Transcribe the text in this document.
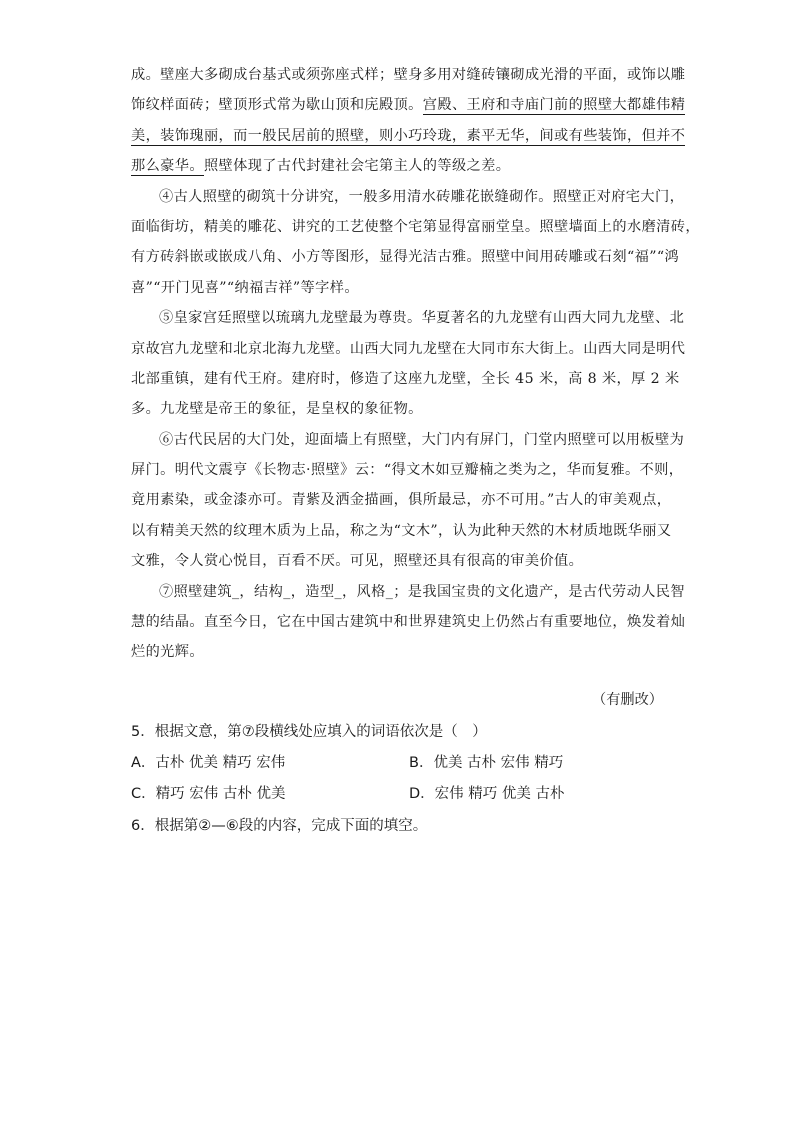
成。壁座大多砌成台基式或须弥座式样；壁身多用对缝砖镶砌成光滑的平面，或饰以雕
饰纹样面砖；壁顶形式常为歇山顶和庑殿顶。宫殿、王府和寺庙门前的照壁大都雄伟精
美，装饰瑰丽，而一般民居前的照壁，则小巧玲珑，素平无华，间或有些装饰，但并不
那么豪华。照壁体现了古代封建社会宅第主人的等级之差。
④古人照壁的砌筑十分讲究，一般多用清水砖雕花嵌缝砌作。照壁正对府宅大门，
面临街坊，精美的雕花、讲究的工艺使整个宅第显得富丽堂皇。照壁墙面上的水磨清砖，
有方砖斜嵌或嵌成八角、小方等图形，显得光洁古雅。照壁中间用砖雕或石刻“福”“鸿
喜”“开门见喜”“纳福吉祥”等字样。
⑤皇家宫廷照壁以琉璃九龙壁最为尊贵。华夏著名的九龙壁有山西大同九龙壁、北
京故宫九龙壁和北京北海九龙壁。山西大同九龙壁在大同市东大街上。山西大同是明代
北部重镇，建有代王府。建府时，修造了这座九龙壁，全长 45 米，高 8 米，厚 2 米
多。九龙壁是帝王的象征，是皇权的象征物。
⑥古代民居的大门处，迎面墙上有照壁，大门内有屏门，门堂内照壁可以用板壁为
屏门。明代文震亨《长物志·照壁》云：“得文木如豆瓣楠之类为之，华而复雅。不则，
竟用素染，或金漆亦可。青紫及洒金描画，俱所最忌，亦不可用。”古人的审美观点，
以有精美天然的纹理木质为上品，称之为“文木”，认为此种天然的木材质地既华丽又
文雅，令人赏心悦目，百看不厌。可见，照壁还具有很高的审美价值。
⑦照壁建筑_，结构_，造型_，风格_；是我国宝贵的文化遗产，是古代劳动人民智
慧的结晶。直至今日，它在中国古建筑中和世界建筑史上仍然占有重要地位，焕发着灿
烂的光辉。
（有删改）
5．根据文意，第⑦段横线处应填入的词语依次是（　）
A．古朴 优美 精巧 宏伟	B．优美 古朴 宏伟 精巧
C．精巧 宏伟 古朴 优美	D．宏伟 精巧 优美 古朴
6．根据第②—⑥段的内容，完成下面的填空。
